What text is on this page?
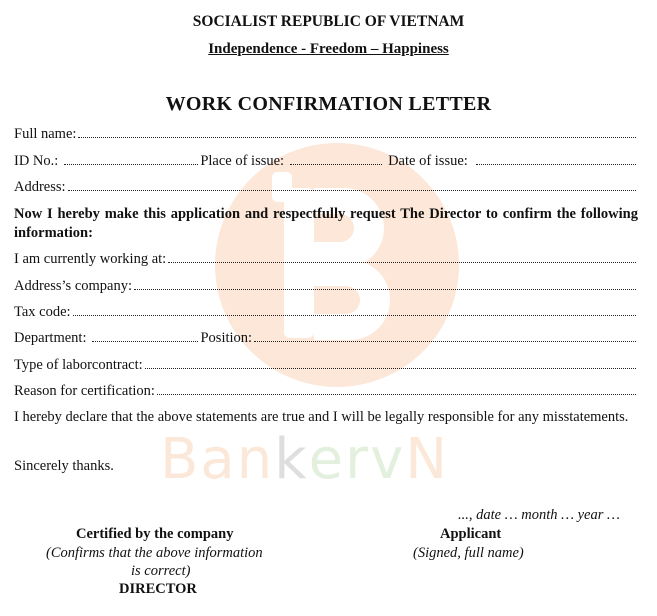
BankervN
SOCIALIST REPUBLIC OF VIETNAM
Independence - Freedom – Happiness
WORK CONFIRMATION LETTER
Full name:
ID No.:	Place of issue:	Date of issue:
Address:
Now I hereby make this application and respectfully request The Director to confirm the following information:
I am currently working at:
Address’s company:
Tax code:
Department:	Position:
Type of laborcontract:
Reason for certification:
I hereby declare that the above statements are true and I will be legally responsible for any misstatements.
Sincerely thanks.
..., date … month … year …
Certified by the company
(Confirms that the above information
is correct)
DIRECTOR
Applicant
(Signed, full name)
